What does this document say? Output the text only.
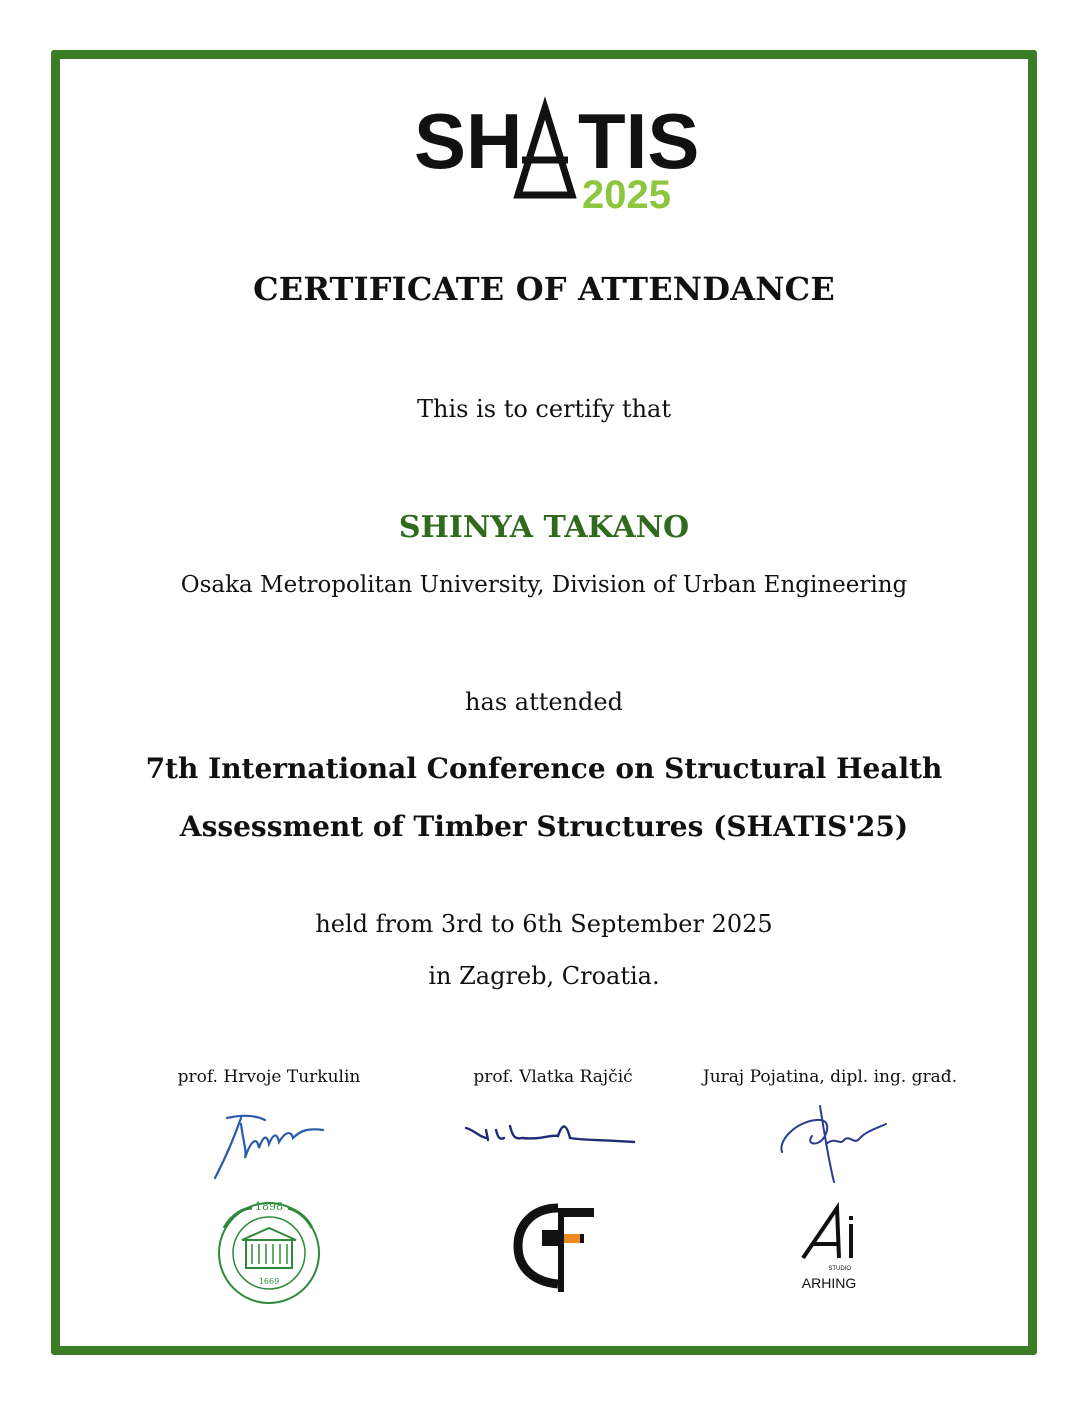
SH TIS
2025
CERTIFICATE OF ATTENDANCE
This is to certify that
SHINYA TAKANO
Osaka Metropolitan University, Division of Urban Engineering
has attended
7th International Conference on Structural Health
Assessment of Timber Structures (SHATIS'25)
held from 3rd to 6th September 2025
in Zagreb, Croatia.
prof. Hrvoje Turkulin	prof. Vlatka Rajčić	Juraj Pojatina, dipl. ing. građ.
1898
1669
STUDIO
ARHING
